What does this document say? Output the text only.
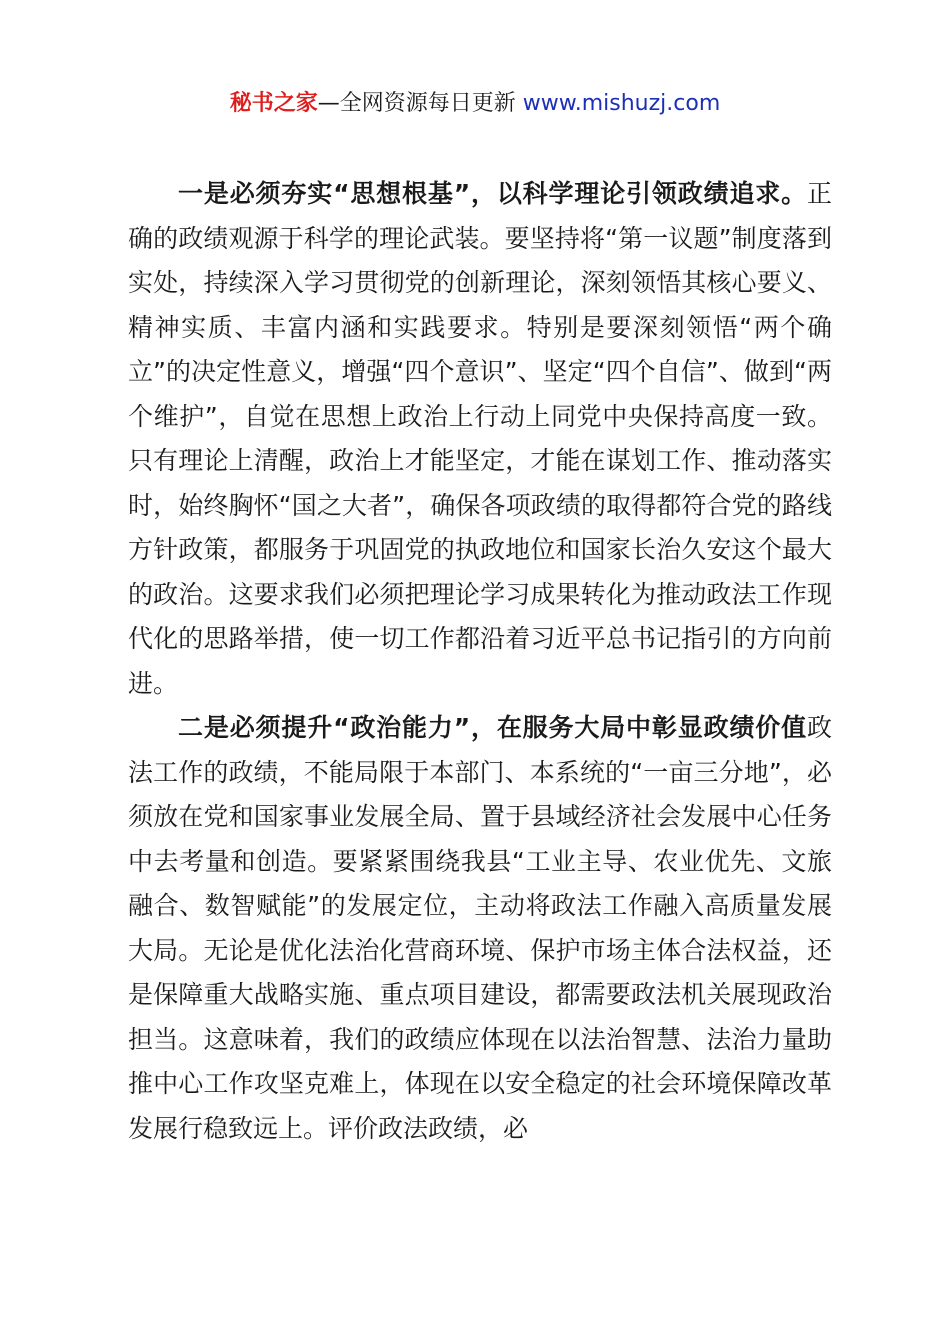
秘书之家—全网资源每日更新 www.mishuzj.com

一是必须夯实“思想根基”，以科学理论引领政绩追求。正确的政绩观源于科学的理论武装。要坚持将“第一议题”制度落到实处，持续深入学习贯彻党的创新理论，深刻领悟其核心要义、精神实质、丰富内涵和实践要求。特别是要深刻领悟“两个确立”的决定性意义，增强“四个意识”、坚定“四个自信”、做到“两个维护”，自觉在思想上政治上行动上同党中央保持高度一致。只有理论上清醒，政治上才能坚定，才能在谋划工作、推动落实时，始终胸怀“国之大者”，确保各项政绩的取得都符合党的路线方针政策，都服务于巩固党的执政地位和国家长治久安这个最大的政治。这要求我们必须把理论学习成果转化为推动政法工作现代化的思路举措，使一切工作都沿着习近平总书记指引的方向前进。

二是必须提升“政治能力”，在服务大局中彰显政绩价值政法工作的政绩，不能局限于本部门、本系统的“一亩三分地”，必须放在党和国家事业发展全局、置于县域经济社会发展中心任务中去考量和创造。要紧紧围绕我县“工业主导、农业优先、文旅融合、数智赋能”的发展定位，主动将政法工作融入高质量发展大局。无论是优化法治化营商环境、保护市场主体合法权益，还是保障重大战略实施、重点项目建设，都需要政法机关展现政治担当。这意味着，我们的政绩应体现在以法治智慧、法治力量助推中心工作攻坚克难上，体现在以安全稳定的社会环境保障改革发展行稳致远上。评价政法政绩，必
